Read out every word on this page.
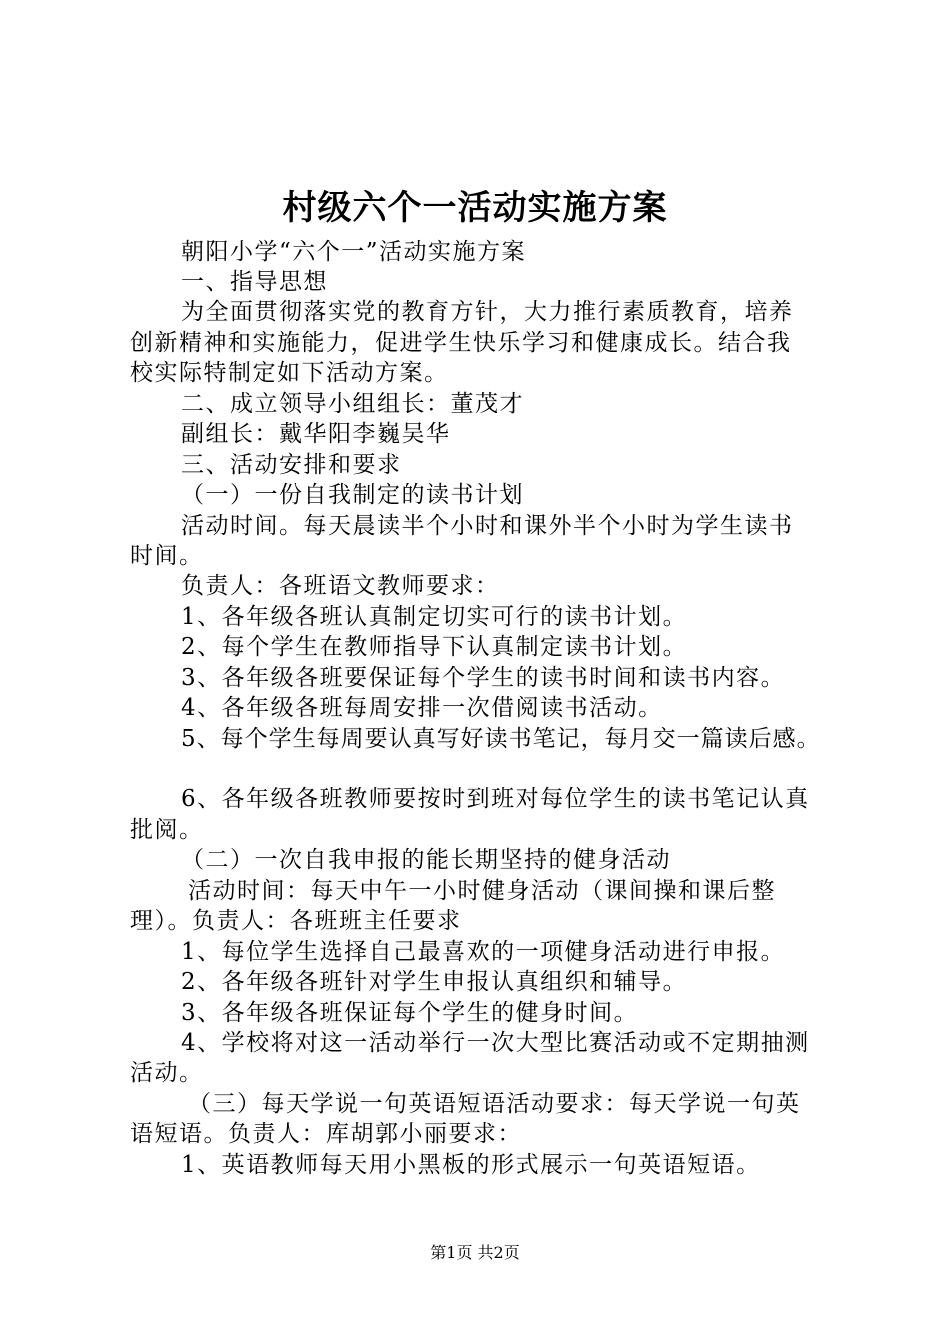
村级六个一活动实施方案
朝阳小学“六个一”活动实施方案
一、指导思想
为全面贯彻落实党的教育方针，大力推行素质教育，培养
创新精神和实施能力，促进学生快乐学习和健康成长。结合我
校实际特制定如下活动方案。
二、成立领导小组组长：董茂才
副组长：戴华阳李巍吴华
三、活动安排和要求
（一）一份自我制定的读书计划
活动时间。每天晨读半个小时和课外半个小时为学生读书
时间。
负责人：各班语文教师要求：
1、各年级各班认真制定切实可行的读书计划。
2、每个学生在教师指导下认真制定读书计划。
3、各年级各班要保证每个学生的读书时间和读书内容。
4、各年级各班每周安排一次借阅读书活动。
5、每个学生每周要认真写好读书笔记，每月交一篇读后感。
6、各年级各班教师要按时到班对每位学生的读书笔记认真
批阅。
（二）一次自我申报的能长期坚持的健身活动
活动时间：每天中午一小时健身活动（课间操和课后整
理）。负责人：各班班主任要求
1、每位学生选择自己最喜欢的一项健身活动进行申报。
2、各年级各班针对学生申报认真组织和辅导。
3、各年级各班保证每个学生的健身时间。
4、学校将对这一活动举行一次大型比赛活动或不定期抽测
活动。
（三）每天学说一句英语短语活动要求：每天学说一句英
语短语。负责人：库胡郭小丽要求：
1、英语教师每天用小黑板的形式展示一句英语短语。
第1页 共2页
